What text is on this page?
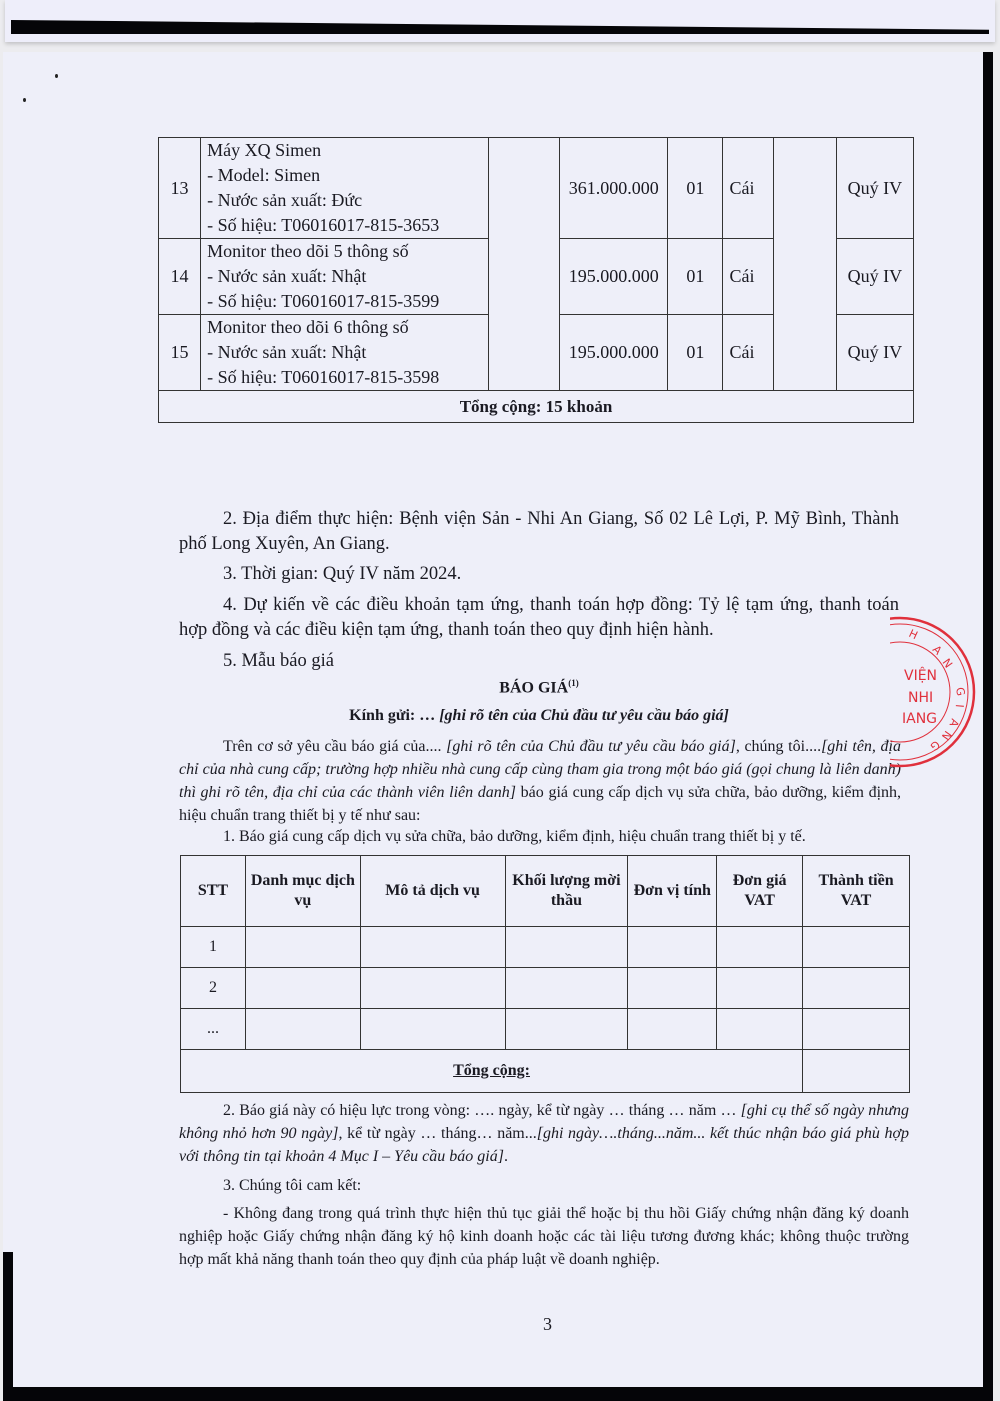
13	Máy XQ Simen
- Model: Simen
- Nước sản xuất: Đức
- Số hiệu: T06016017-815-3653		361.000.000	01	Cái		Quý IV
14	Monitor theo dõi 5 thông số
- Nước sản xuất: Nhật
- Số hiệu: T06016017-815-3599		195.000.000	01	Cái		Quý IV
15	Monitor theo dõi 6 thông số
- Nước sản xuất: Nhật
- Số hiệu: T06016017-815-3598		195.000.000	01	Cái		Quý IV
Tổng cộng: 15 khoản							
2. Địa điểm thực hiện: Bệnh viện Sản - Nhi An Giang, Số 02 Lê Lợi, P. Mỹ Bình, Thành phố Long Xuyên, An Giang.
3. Thời gian: Quý IV năm 2024.
4. Dự kiến về các điều khoản tạm ứng, thanh toán hợp đồng: Tỷ lệ tạm ứng, thanh toán hợp đồng và các điều kiện tạm ứng, thanh toán theo quy định hiện hành.
5. Mẫu báo giá
BÁO GIÁ$^{(1)}$
Kính gửi: … [ghi rõ tên của Chủ đầu tư yêu cầu báo giá]
Trên cơ sở yêu cầu báo giá của.... [ghi rõ tên của Chủ đầu tư yêu cầu báo giá], chúng tôi....[ghi tên, địa chỉ của nhà cung cấp; trường hợp nhiều nhà cung cấp cùng tham gia trong một báo giá (gọi chung là liên danh) thì ghi rõ tên, địa chỉ của các thành viên liên danh] báo giá cung cấp dịch vụ sửa chữa, bảo dưỡng, kiểm định, hiệu chuẩn trang thiết bị y tế như sau:
1. Báo giá cung cấp dịch vụ sửa chữa, bảo dưỡng, kiểm định, hiệu chuẩn trang thiết bị y tế.
STT	Danh mục dịch vụ	Mô tả dịch vụ	Khối lượng mời thầu	Đơn vị tính	Đơn giá VAT	Thành tiền VAT
1						
2						
...						
Tổng cộng:						
2. Báo giá này có hiệu lực trong vòng: …. ngày, kể từ ngày … tháng … năm … [ghi cụ thể số ngày nhưng không nhỏ hơn 90 ngày], kể từ ngày … tháng… năm...[ghi ngày….tháng...năm... kết thúc nhận báo giá phù hợp với thông tin tại khoản 4 Mục I – Yêu cầu báo giá].
3. Chúng tôi cam kết:
- Không đang trong quá trình thực hiện thủ tục giải thể hoặc bị thu hồi Giấy chứng nhận đăng ký doanh nghiệp hoặc Giấy chứng nhận đăng ký hộ kinh doanh hoặc các tài liệu tương đương khác; không thuộc trường hợp mất khả năng thanh toán theo quy định của pháp luật về doanh nghiệp.
3
H
A
N
G
I
A
N
G
VIỆN
NHI
IANG
